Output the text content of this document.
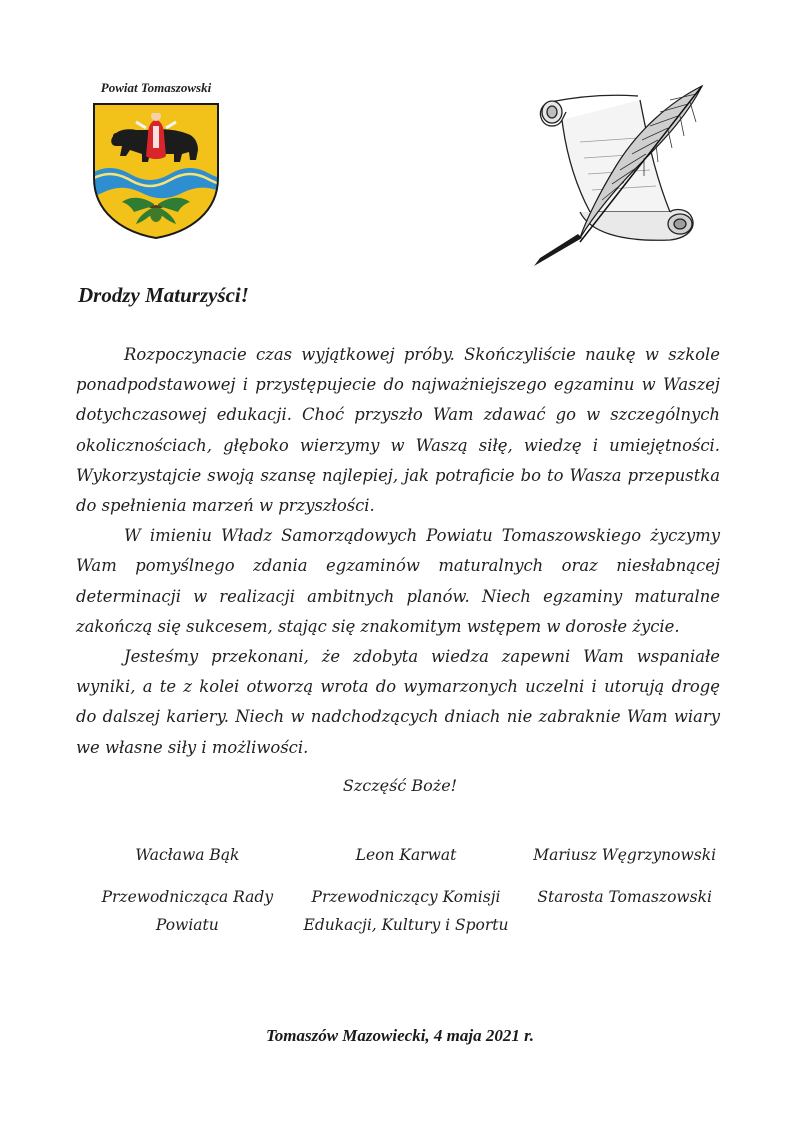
Powiat Tomaszowski
Drodzy Maturzyści!

Rozpoczynacie czas wyjątkowej próby. Skończyliście naukę w szkole ponadpodstawowej i przystępujecie do najważniejszego egzaminu w Waszej dotychczasowej edukacji. Choć przyszło Wam zdawać go w szczególnych okolicznościach, głęboko wierzymy w Waszą siłę, wiedzę i umiejętności. Wykorzystajcie swoją szansę najlepiej, jak potraficie bo to Wasza przepustka do spełnienia marzeń w przyszłości.

W imieniu Władz Samorządowych Powiatu Tomaszowskiego życzymy Wam pomyślnego zdania egzaminów maturalnych oraz niesłabnącej determinacji w realizacji ambitnych planów. Niech egzaminy maturalne zakończą się sukcesem, stając się znakomitym wstępem w dorosłe życie.

Jesteśmy przekonani, że zdobyta wiedza zapewni Wam wspaniałe wyniki, a te z kolei otworzą wrota do wymarzonych uczelni i utorują drogę do dalszej kariery. Niech w nadchodzących dniach nie zabraknie Wam wiary we własne siły i możliwości.

Szczęść Boże!
Wacława Bąk
Przewodnicząca Rady
Powiatu
Leon Karwat
Przewodniczący Komisji
Edukacji, Kultury i Sportu
Mariusz Węgrzynowski
Starosta Tomaszowski
Tomaszów Mazowiecki, 4 maja 2021 r.
